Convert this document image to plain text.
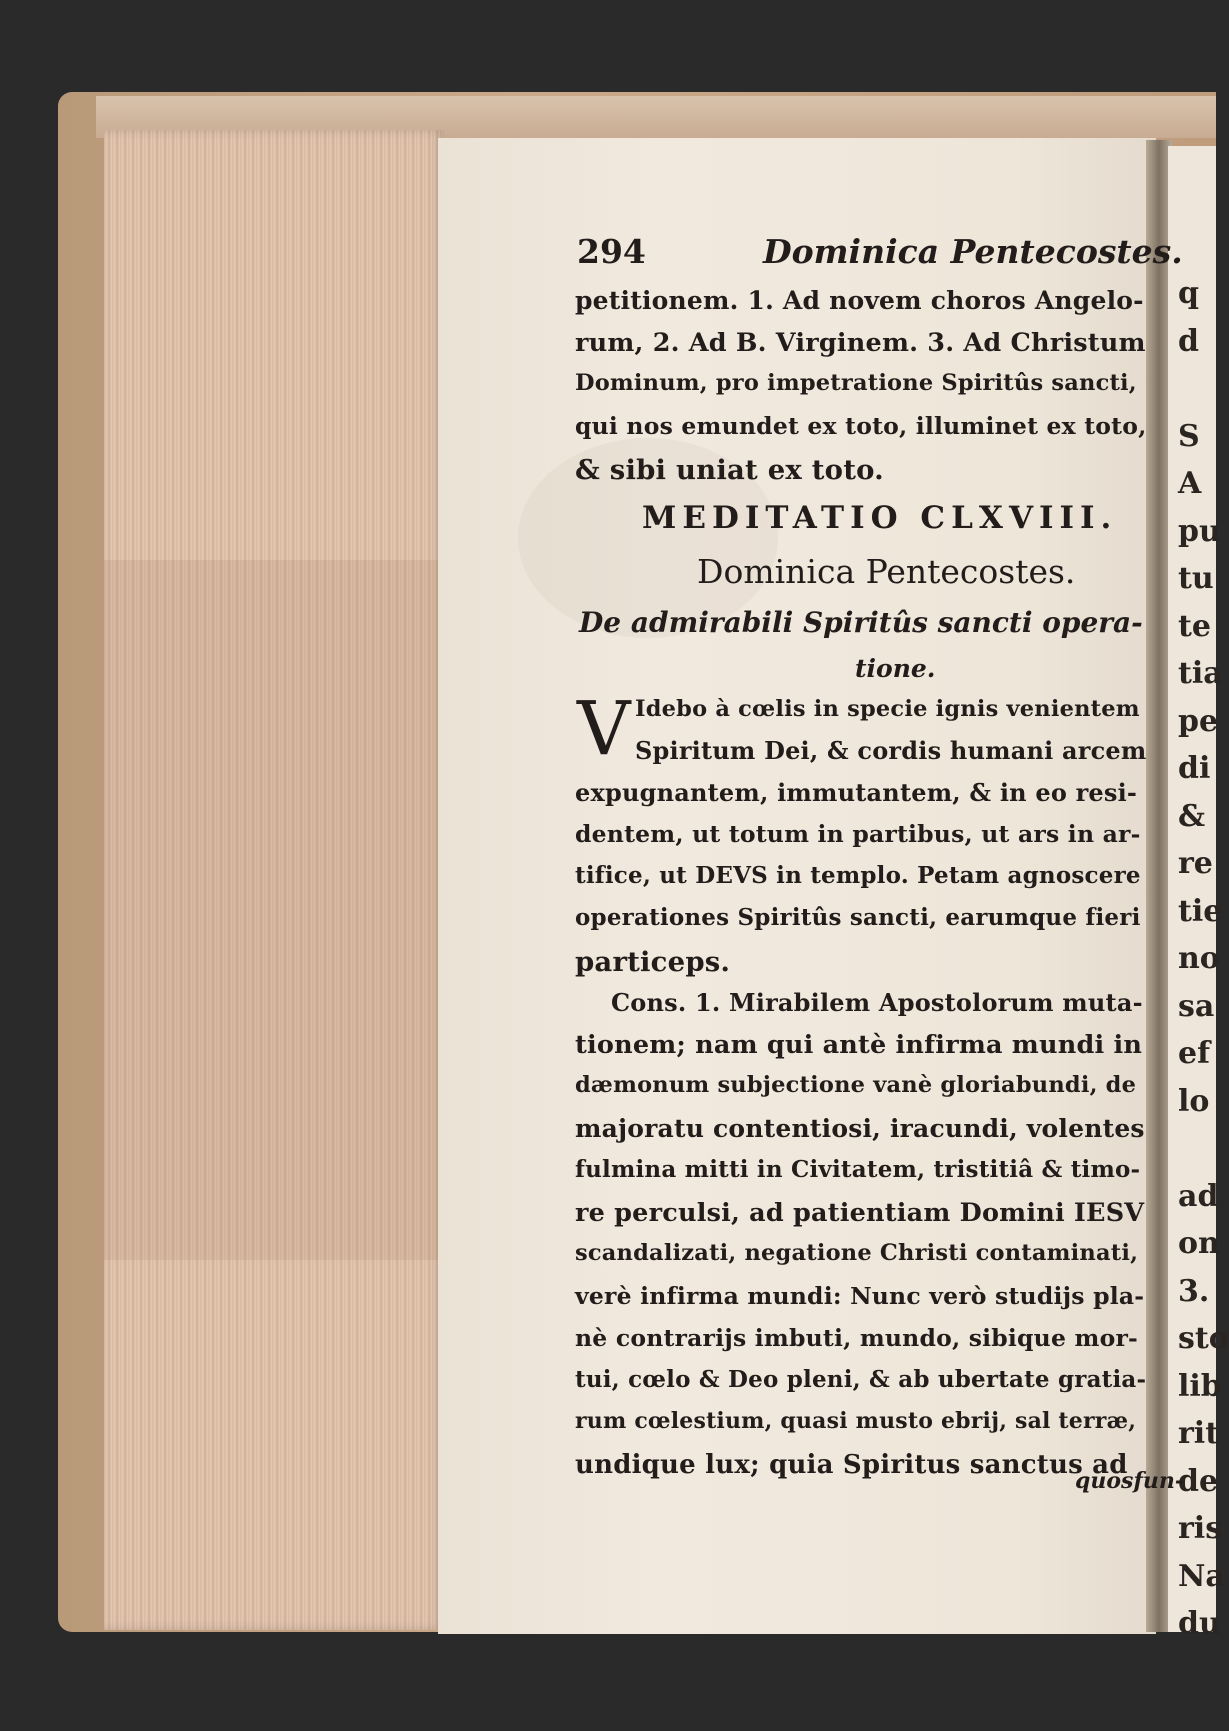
q
d

S
A
pu
tu
te
tia
pe
di
&
re
tie
no
sa
ef
lo

ad
on
3.
sto
lib
rit
de
ris
Na
du
294	Dominica Pentecostes.
petitionem. 1. Ad novem choros Angelo-
rum, 2. Ad B. Virginem. 3. Ad Christum
Dominum, pro impetratione Spiritûs sancti,
qui nos emundet ex toto, illuminet ex toto,
& sibi uniat ex toto.
MEDITATIO CLXVIII.
Dominica Pentecostes.
De admirabili Spiritûs sancti opera-
tione.
V Idebo à cœlis in specie ignis venientem
Spiritum Dei, & cordis humani arcem
expugnantem, immutantem, & in eo resi-
dentem, ut totum in partibus, ut ars in ar-
tifice, ut DEVS in templo. Petam agnoscere
operationes Spiritûs sancti, earumque fieri
particeps.
Cons. 1. Mirabilem Apostolorum muta-
tionem; nam qui antè infirma mundi in
dæmonum subjectione vanè gloriabundi, de
majoratu contentiosi, iracundi, volentes
fulmina mitti in Civitatem, tristitiâ & timo-
re perculsi, ad patientiam Domini IESV
scandalizati, negatione Christi contaminati,
verè infirma mundi: Nunc verò studijs pla-
nè contrarijs imbuti, mundo, sibique mor-
tui, cœlo & Deo pleni, & ab ubertate gratia-
rum cœlestium, quasi musto ebrij, sal terræ,
undique lux; quia Spiritus sanctus ad
quosfun-
